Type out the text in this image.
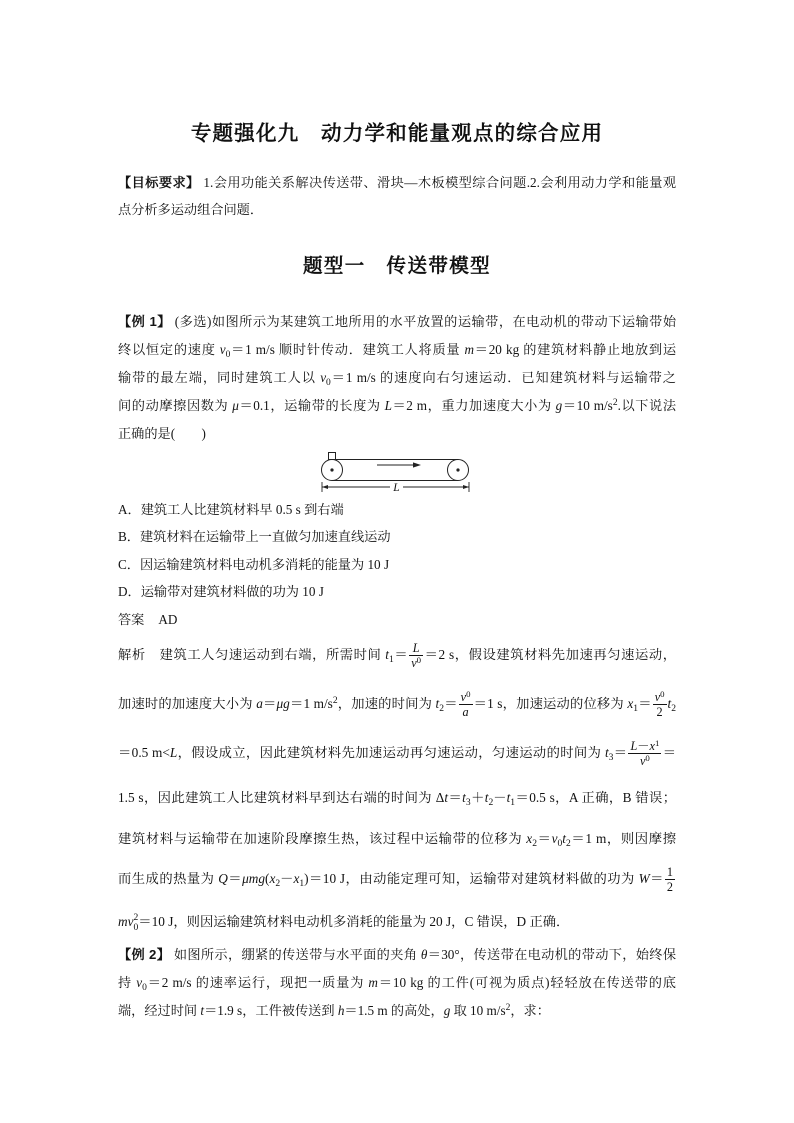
专题强化九　动力学和能量观点的综合应用
【目标要求】 1.会用功能关系解决传送带、滑块—木板模型综合问题.2.会利用动力学和能量观
点分析多运动组合问题．
题型一　传送带模型
【例 1】 (多选)如图所示为某建筑工地所用的水平放置的运输带，在电动机的带动下运输带始
终以恒定的速度 $v_0=1$ m/s 顺时针传动．建筑工人将质量 m＝20 kg 的建筑材料静止地放到运
输带的最左端，同时建筑工人以 $v_0=1$ m/s 的速度向右匀速运动．已知建筑材料与运输带之
间的动摩擦因数为 μ＝0.1，运输带的长度为 L＝2 m，重力加速度大小为 g＝10 $m/s^2$.以下说法
正确的是(　　)
L
A．建筑工人比建筑材料早 0.5 s 到右端
B．建筑材料在运输带上一直做匀加速直线运动
C．因运输建筑材料电动机多消耗的能量为 10 J
D．运输带对建筑材料做的功为 10 J
答案 AD
解析　建筑工人匀速运动到右端，所需时间 $t_1= \frac{L}{v^0} =2$ s，假设建筑材料先加速再匀速运动，
加速时的加速度大小为 a＝μg＝1 $m/s^2$，加速的时间为 $t_2= \frac{v^0}{a} =1$ s，加速运动的位移为 $x_1= \frac{v^0}{2} t_2$
＝0.5 m<L，假设成立，因此建筑材料先加速运动再匀速运动，匀速运动的时间为 $t_3= \frac{L-x^1}{v^0}$ ＝
1.5 s，因此建筑工人比建筑材料早到达右端的时间为 $\Delta t=t_3+t_2-t_1=0.5$ s，A 正确，B 错误；
建筑材料与运输带在加速阶段摩擦生热，该过程中运输带的位移为 $x_2=v_0t_2=1$ m，则因摩擦
而生成的热量为 $Q=\mu mg(x_2-x_1)=10$ J，由动能定理可知，运输带对建筑材料做的功为 $W= \frac{1}{2}$
mv 2
0 ＝10 J，则因运输建筑材料电动机多消耗的能量为 20 J，C 错误，D 正确．
【例 2】 如图所示，绷紧的传送带与水平面的夹角 θ＝30°，传送带在电动机的带动下，始终保
持 $v_0=2$ m/s 的速率运行，现把一质量为 m＝10 kg 的工件(可视为质点)轻轻放在传送带的底
端，经过时间 t＝1.9 s，工件被传送到 h＝1.5 m 的高处，g 取 10 $m/s^2$，求：
